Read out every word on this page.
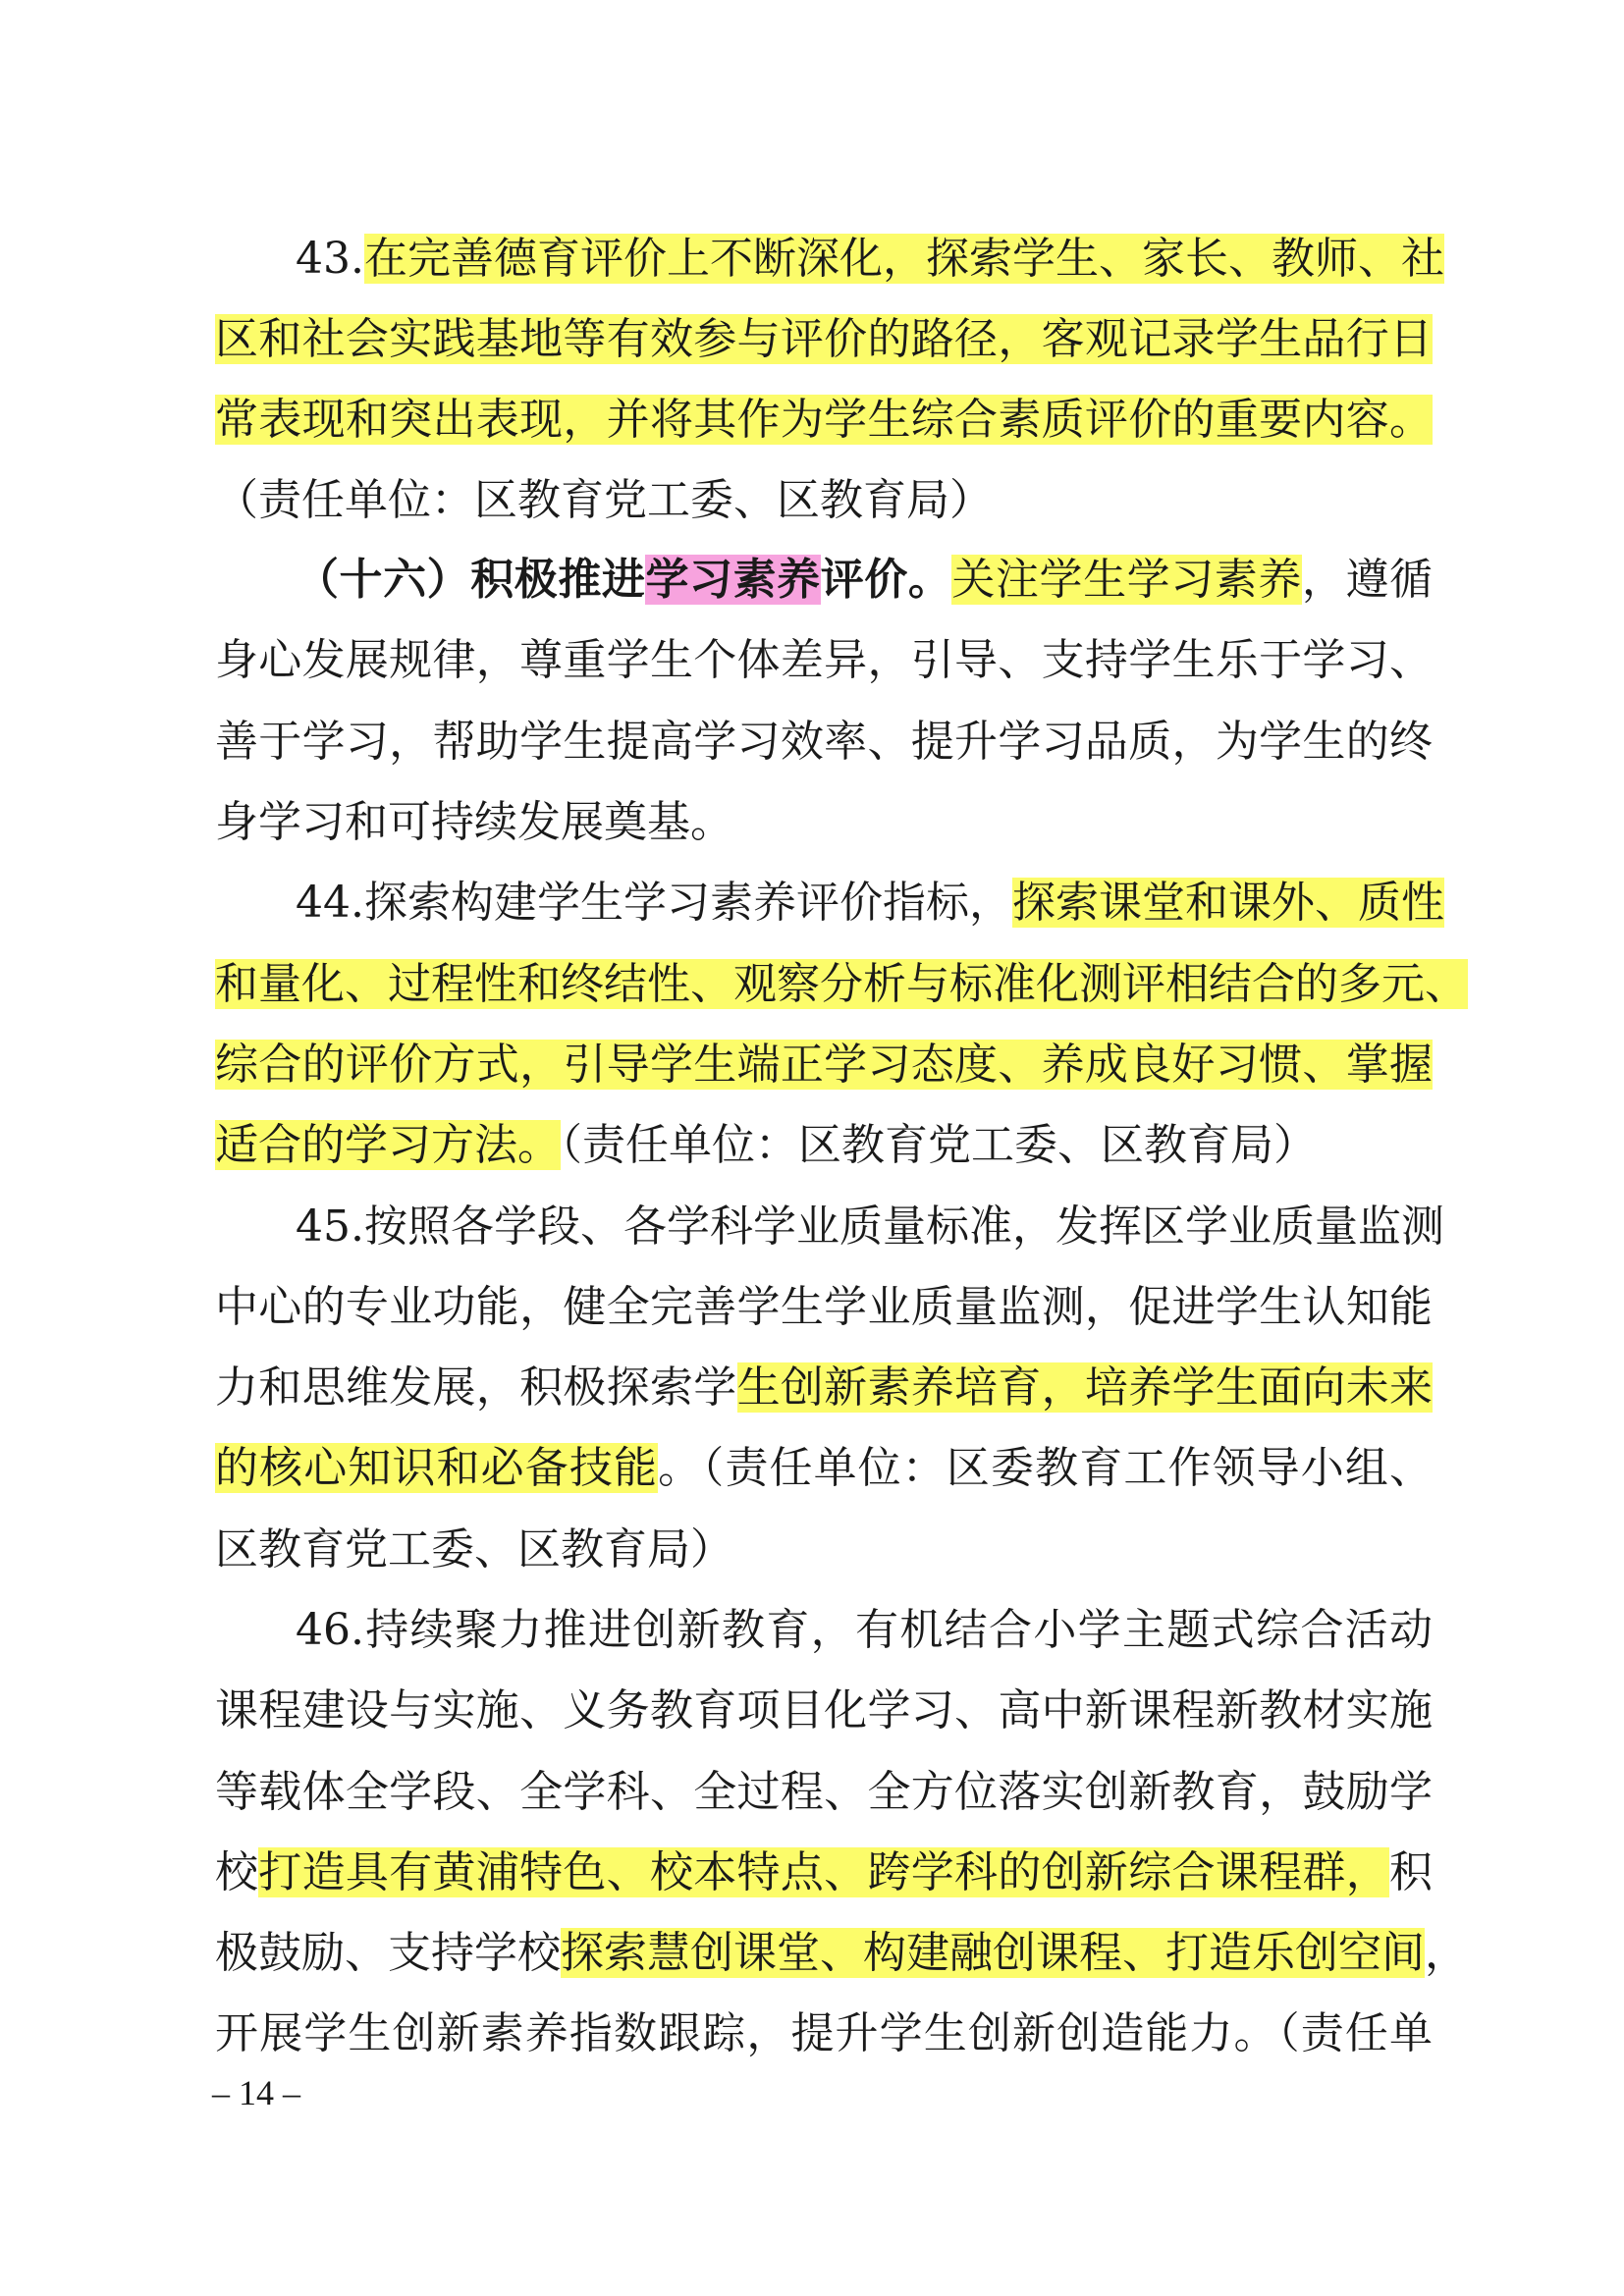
43.在完善德育评价上不断深化，探索学生、家长、教师、社
区和社会实践基地等有效参与评价的路径，客观记录学生品行日
常表现和突出表现，并将其作为学生综合素质评价的重要内容。
（责任单位：区教育党工委、区教育局）
（十六）积极推进学习素养评价。关注学生学习素养，遵循
身心发展规律，尊重学生个体差异，引导、支持学生乐于学习、
善于学习，帮助学生提高学习效率、提升学习品质，为学生的终
身学习和可持续发展奠基。
44.探索构建学生学习素养评价指标，探索课堂和课外、质性
和量化、过程性和终结性、观察分析与标准化测评相结合的多元、
综合的评价方式，引导学生端正学习态度、养成良好习惯、掌握
适合的学习方法。（责任单位：区教育党工委、区教育局）
45.按照各学段、各学科学业质量标准，发挥区学业质量监测
中心的专业功能，健全完善学生学业质量监测，促进学生认知能
力和思维发展，积极探索学生创新素养培育，培养学生面向未来
的核心知识和必备技能。（责任单位：区委教育工作领导小组、
区教育党工委、区教育局）
46.持续聚力推进创新教育，有机结合小学主题式综合活动
课程建设与实施、义务教育项目化学习、高中新课程新教材实施
等载体全学段、全学科、全过程、全方位落实创新教育，鼓励学
校打造具有黄浦特色、校本特点、跨学科的创新综合课程群，积
极鼓励、支持学校探索慧创课堂、构建融创课程、打造乐创空间，
开展学生创新素养指数跟踪，提升学生创新创造能力。（责任单
– 14 –
